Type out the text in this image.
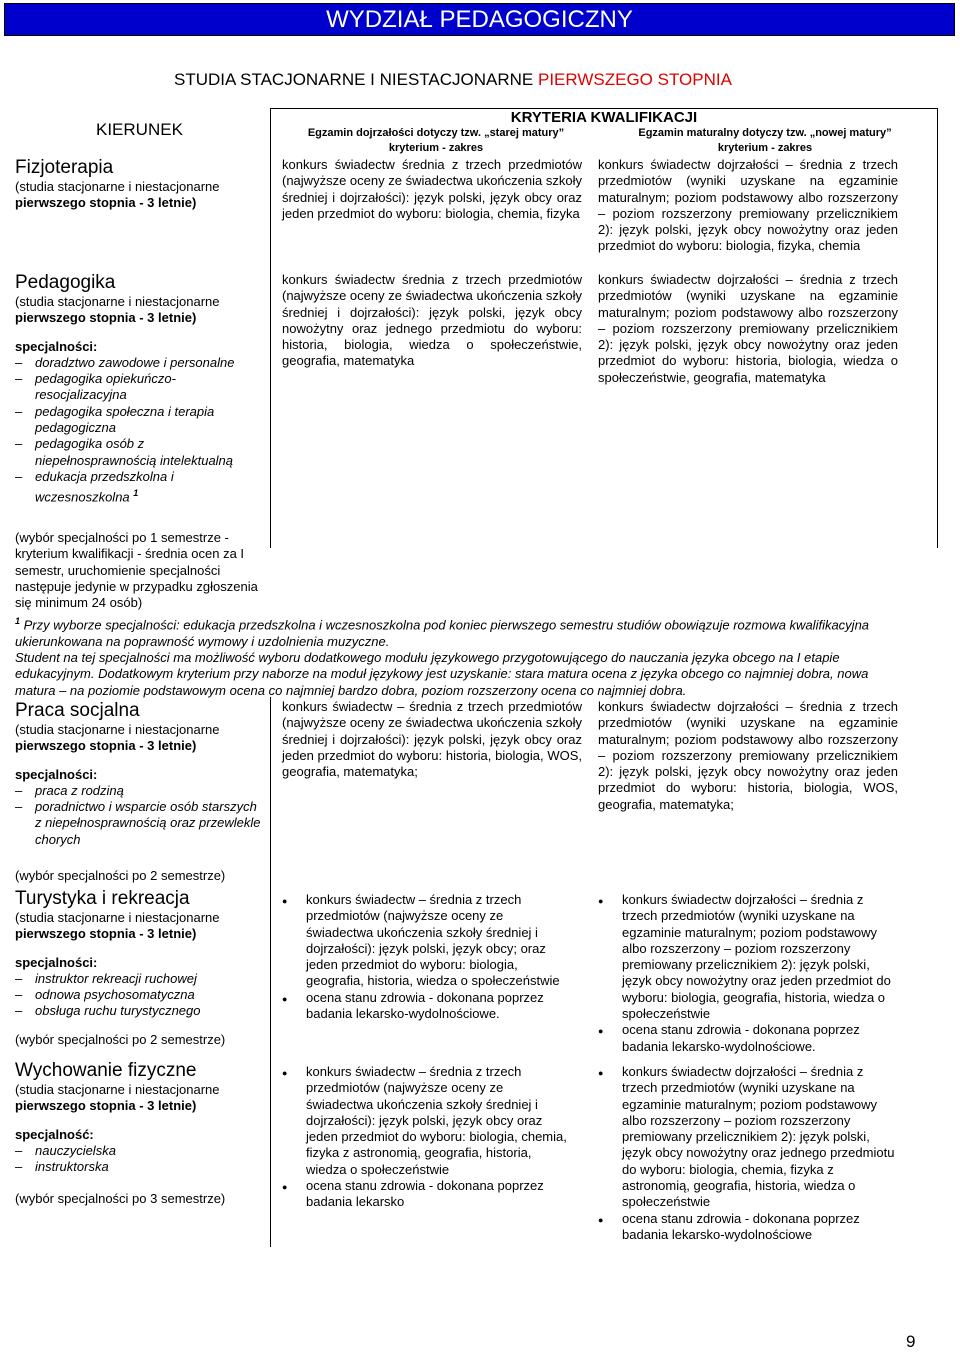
WYDZIAŁ PEDAGOGICZNY
STUDIA STACJONARNE I NIESTACJONARNE PIERWSZEGO STOPNIA
KIERUNEK
KRYTERIA KWALIFIKACJI
Egzamin dojrzałości dotyczy tzw. „starej matury”
kryterium - zakres
Egzamin maturalny dotyczy tzw. „nowej matury”
kryterium - zakres
Fizjoterapia
(studia stacjonarne i niestacjonarne
pierwszego stopnia - 3 letnie)
konkurs świadectw średnia z trzech przedmiotów (najwyższe oceny ze świadectwa ukończenia szkoły średniej i dojrzałości): język polski, język obcy oraz jeden przedmiot do wyboru: biologia, chemia, fizyka
konkurs świadectw dojrzałości – średnia z trzech przedmiotów (wyniki uzyskane na egzaminie maturalnym; poziom podstawowy albo rozszerzony – poziom rozszerzony premiowany przelicznikiem 2): język polski, język obcy nowożytny oraz jeden przedmiot do wyboru: biologia, fizyka, chemia
Pedagogika
(studia stacjonarne i niestacjonarne
pierwszego stopnia - 3 letnie)
specjalności:
– doradztwo zawodowe i personalne
– pedagogika opiekuńczo-resocjalizacyjna
– pedagogika społeczna i terapia pedagogiczna
– pedagogika osób z niepełnosprawnością intelektualną
– edukacja przedszkolna i wczesnoszkolna $^1$
konkurs świadectw średnia z trzech przedmiotów (najwyższe oceny ze świadectwa ukończenia szkoły średniej i dojrzałości): język polski, język obcy nowożytny oraz jednego przedmiotu do wyboru: historia, biologia, wiedza o społeczeństwie, geografia, matematyka
konkurs świadectw dojrzałości – średnia z trzech przedmiotów (wyniki uzyskane na egzaminie maturalnym; poziom podstawowy albo rozszerzony – poziom rozszerzony premiowany przelicznikiem 2): język polski, język obcy nowożytny oraz jeden przedmiot do wyboru: historia, biologia, wiedza o społeczeństwie, geografia, matematyka
(wybór specjalności po 1 semestrze - kryterium kwalifikacji - średnia ocen za I semestr, uruchomienie specjalności następuje jedynie w przypadku zgłoszenia się minimum 24 osób)
$^1$ Przy wyborze specjalności: edukacja przedszkolna i wczesnoszkolna pod koniec pierwszego semestru studiów obowiązuje rozmowa kwalifikacyjna ukierunkowana na poprawność wymowy i uzdolnienia muzyczne.
Student na tej specjalności ma możliwość wyboru dodatkowego modułu językowego przygotowującego do nauczania języka obcego na I etapie edukacyjnym. Dodatkowym kryterium przy naborze na moduł językowy jest uzyskanie: stara matura ocena z języka obcego co najmniej dobra, nowa matura – na poziomie podstawowym ocena co najmniej bardzo dobra, poziom rozszerzony ocena co najmniej dobra.
Praca socjalna
(studia stacjonarne i niestacjonarne
pierwszego stopnia - 3 letnie)
specjalności:
– praca z rodziną
– poradnictwo i wsparcie osób starszych z niepełnosprawnością oraz przewlekle chorych
(wybór specjalności po 2 semestrze)
konkurs świadectw – średnia z trzech przedmiotów (najwyższe oceny ze świadectwa ukończenia szkoły średniej i dojrzałości): język polski, język obcy oraz jeden przedmiot do wyboru: historia, biologia, WOS, geografia, matematyka;
konkurs świadectw dojrzałości – średnia z trzech przedmiotów (wyniki uzyskane na egzaminie maturalnym; poziom podstawowy albo rozszerzony – poziom rozszerzony premiowany przelicznikiem 2): język polski, język obcy nowożytny oraz jeden przedmiot do wyboru: historia, biologia, WOS, geografia, matematyka;
Turystyka i rekreacja
(studia stacjonarne i niestacjonarne
pierwszego stopnia - 3 letnie)
specjalności:
– instruktor rekreacji ruchowej
– odnowa psychosomatyczna
– obsługa ruchu turystycznego
(wybór specjalności po 2 semestrze)
● konkurs świadectw – średnia z trzech przedmiotów (najwyższe oceny ze świadectwa ukończenia szkoły średniej i dojrzałości): język polski, język obcy; oraz jeden przedmiot do wyboru: biologia, geografia, historia, wiedza o społeczeństwie
● ocena stanu zdrowia - dokonana poprzez badania lekarsko-wydolnościowe.
● konkurs świadectw dojrzałości – średnia z trzech przedmiotów (wyniki uzyskane na egzaminie maturalnym; poziom podstawowy albo rozszerzony – poziom rozszerzony premiowany przelicznikiem 2): język polski, język obcy nowożytny oraz jeden przedmiot do wyboru: biologia, geografia, historia, wiedza o społeczeństwie
● ocena stanu zdrowia - dokonana poprzez badania lekarsko-wydolnościowe.
Wychowanie fizyczne
(studia stacjonarne i niestacjonarne
pierwszego stopnia - 3 letnie)
specjalność:
– nauczycielska
– instruktorska
(wybór specjalności po 3 semestrze)
● konkurs świadectw – średnia z trzech przedmiotów (najwyższe oceny ze świadectwa ukończenia szkoły średniej i dojrzałości): język polski, język obcy oraz jeden przedmiot do wyboru: biologia, chemia, fizyka z astronomią, geografia, historia, wiedza o społeczeństwie
● ocena stanu zdrowia - dokonana poprzez badania lekarsko
● konkurs świadectw dojrzałości – średnia z trzech przedmiotów (wyniki uzyskane na egzaminie maturalnym; poziom podstawowy albo rozszerzony – poziom rozszerzony premiowany przelicznikiem 2): język polski, język obcy nowożytny oraz jednego przedmiotu do wyboru: biologia, chemia, fizyka z astronomią, geografia, historia, wiedza o społeczeństwie
● ocena stanu zdrowia - dokonana poprzez badania lekarsko-wydolnościowe
9
